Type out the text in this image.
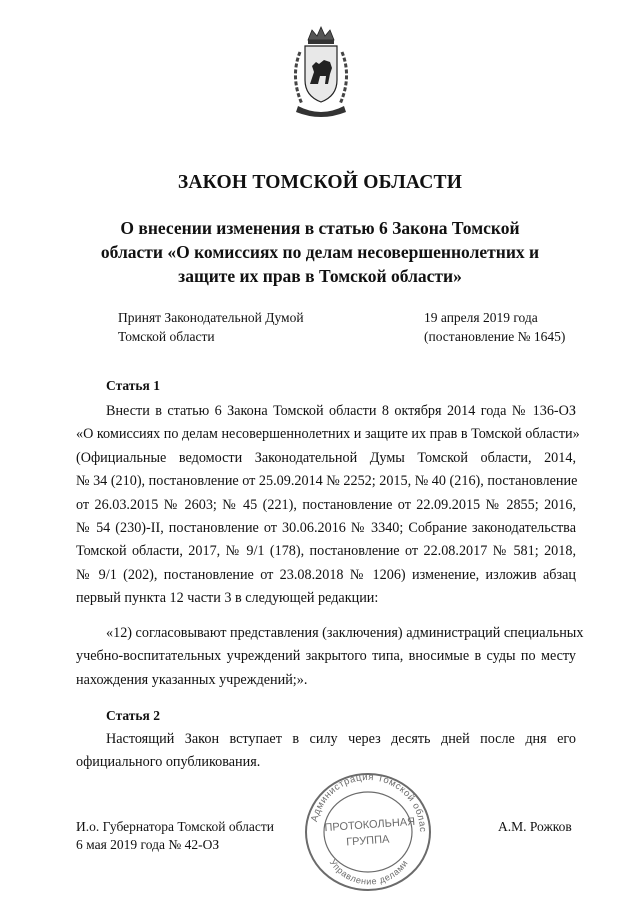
ЗАКОН ТОМСКОЙ ОБЛАСТИ
О внесении изменения в статью 6 Закона Томской
области «О комиссиях по делам несовершеннолетних и
защите их прав в Томской области»
Принят Законодательной Думой
Томской области
19 апреля 2019 года
(постановление № 1645)
Статья 1
Внести в статью 6 Закона Томской области 8 октября 2014 года № 136-ОЗ
«О комиссиях по делам несовершеннолетних и защите их прав в Томской области»
(Официальные ведомости Законодательной Думы Томской области, 2014,
№ 34 (210), постановление от 25.09.2014 № 2252; 2015, № 40 (216), постановление
от 26.03.2015 № 2603; № 45 (221), постановление от 22.09.2015 № 2855; 2016,
№ 54 (230)-II, постановление от 30.06.2016 № 3340; Собрание законодательства
Томской области, 2017, № 9/1 (178), постановление от 22.08.2017 № 581; 2018,
№ 9/1 (202), постановление от 23.08.2018 № 1206) изменение, изложив абзац
первый пункта 12 части 3 в следующей редакции:
«12) согласовывают представления (заключения) администраций специальных
учебно-воспитательных учреждений закрытого типа, вносимые в суды по месту
нахождения указанных учреждений;».
Статья 2
Настоящий Закон вступает в силу через десять дней после дня его
официального опубликования.
Администрация Томской облас
Управление делами
ПРОТОКОЛЬНАЯ
ГРУППА
И.о. Губернатора Томской области
6 мая 2019 года № 42-ОЗ
А.М. Рожков
